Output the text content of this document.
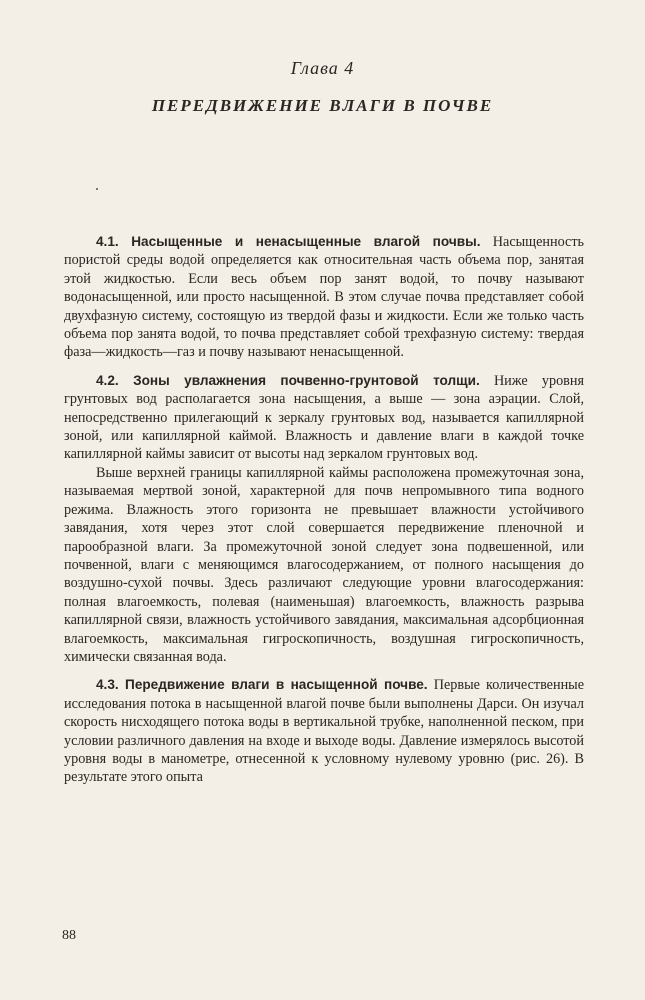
Глава 4
ПЕРЕДВИЖЕНИЕ ВЛАГИ В ПОЧВЕ

4.1. Насыщенные и ненасыщенные влагой почвы. Насыщенность пористой среды водой определяется как относительная часть объема пор, занятая этой жидкостью. Если весь объем пор занят водой, то почву называют водонасыщенной, или просто насыщенной. В этом случае почва представляет собой двухфазную систему, состоящую из твердой фазы и жидкости. Если же только часть объема пор занята водой, то почва представляет собой трехфазную систему: твердая фаза—жидкость—газ и почву называют ненасыщенной.

4.2. Зоны увлажнения почвенно-грунтовой толщи. Ниже уровня грунтовых вод располагается зона насыщения, а выше — зона аэрации. Слой, непосредственно прилегающий к зеркалу грунтовых вод, называется капиллярной зоной, или капиллярной каймой. Влажность и давление влаги в каждой точке капиллярной каймы зависит от высоты над зеркалом грунтовых вод.

Выше верхней границы капиллярной каймы расположена промежуточная зона, называемая мертвой зоной, характерной для почв непромывного типа водного режима. Влажность этого горизонта не превышает влажности устойчивого завядания, хотя через этот слой совершается передвижение пленочной и парообразной влаги. За промежуточной зоной следует зона подвешенной, или почвенной, влаги с меняющимся влагосодержанием, от полного насыщения до воздушно-сухой почвы. Здесь различают следующие уровни влагосодержания: полная влагоемкость, полевая (наименьшая) влагоемкость, влажность разрыва капиллярной связи, влажность устойчивого завядания, максимальная адсорбционная влагоемкость, максимальная гигроскопичность, воздушная гигроскопичность, химически связанная вода.

4.3. Передвижение влаги в насыщенной почве. Первые количественные исследования потока в насыщенной влагой почве были выполнены Дарси. Он изучал скорость нисходящего потока воды в вертикальной трубке, наполненной песком, при условии различного давления на входе и выходе воды. Давление измерялось высотой уровня воды в манометре, отнесенной к условному нулевому уровню (рис. 26). В результате этого опыта

88
